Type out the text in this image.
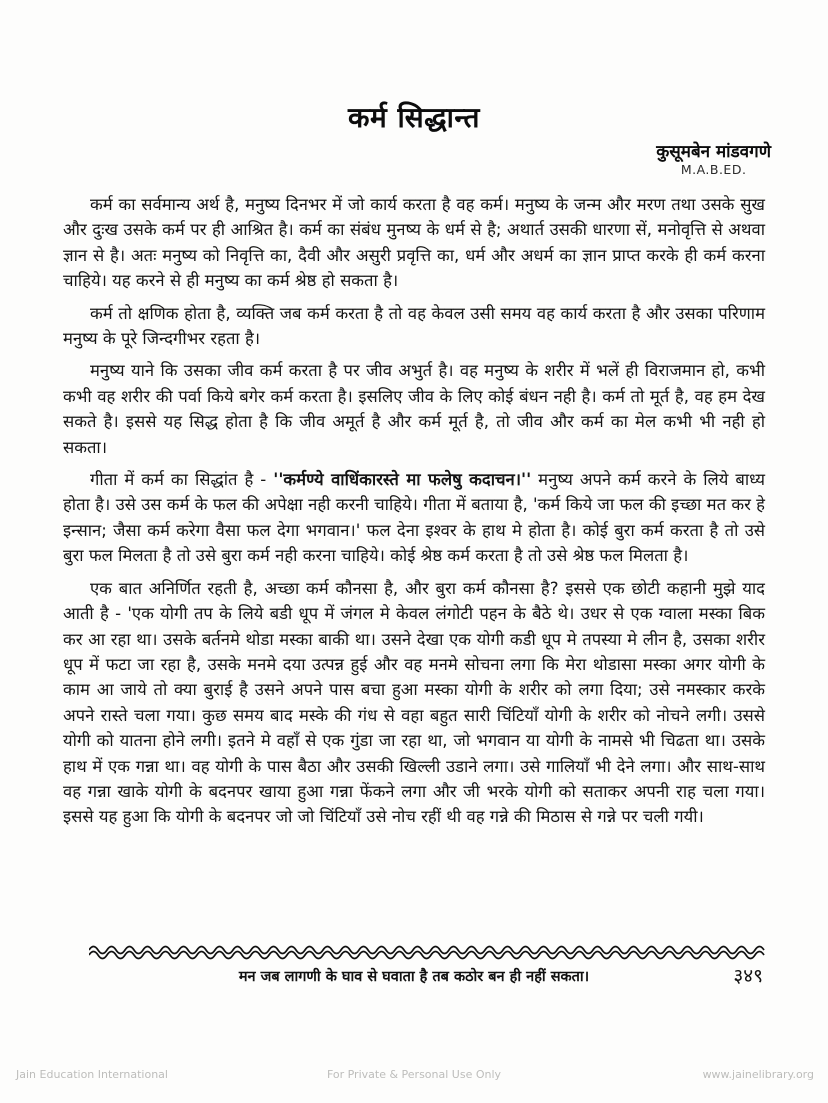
कर्म सिद्धान्त
कुसूमबेन मांडवगणे
M.A.B.ED.

कर्म का सर्वमान्य अर्थ है, मनुष्य दिनभर में जो कार्य करता है वह कर्म। मनुष्य के जन्म और मरण तथा उसके सुख और दुःख उसके कर्म पर ही आश्रित है। कर्म का संबंध मुनष्य के धर्म से है; अथार्त उसकी धारणा सें, मनोवृत्ति से अथवा ज्ञान से है। अतः मनुष्य को निवृत्ति का, दैवी और असुरी प्रवृत्ति का, धर्म और अधर्म का ज्ञान प्राप्त करके ही कर्म करना चाहिये। यह करने से ही मनुष्य का कर्म श्रेष्ठ हो सकता है।

कर्म तो क्षणिक होता है, व्यक्ति जब कर्म करता है तो वह केवल उसी समय वह कार्य करता है और उसका परिणाम मनुष्य के पूरे जिन्दगीभर रहता है।

मनुष्य याने कि उसका जीव कर्म करता है पर जीव अभुर्त है। वह मनुष्य के शरीर में भलें ही विराजमान हो, कभी कभी वह शरीर की पर्वा किये बगेर कर्म करता है। इसलिए जीव के लिए कोई बंधन नही है। कर्म तो मूर्त है, वह हम देख सकते है। इससे यह सिद्ध होता है कि जीव अमूर्त है और कर्म मूर्त है, तो जीव और कर्म का मेल कभी भी नही हो सकता।

गीता में कर्म का सिद्धांत है - ''कर्मण्ये वाधिंकारस्ते मा फलेषु कदाचन।'' मनुष्य अपने कर्म करने के लिये बाध्य होता है। उसे उस कर्म के फल की अपेक्षा नही करनी चाहिये। गीता में बताया है, 'कर्म किये जा फल की इच्छा मत कर हे इन्सान; जैसा कर्म करेगा वैसा फल देगा भगवान।' फल देना इश्वर के हाथ मे होता है। कोई बुरा कर्म करता है तो उसे बुरा फल मिलता है तो उसे बुरा कर्म नही करना चाहिये। कोई श्रेष्ठ कर्म करता है तो उसे श्रेष्ठ फल मिलता है।

एक बात अनिर्णित रहती है, अच्छा कर्म कौनसा है, और बुरा कर्म कौनसा है? इससे एक छोटी कहानी मुझे याद आती है - 'एक योगी तप के लिये बडी धूप में जंगल मे केवल लंगोटी पहन के बैठे थे। उधर से एक ग्वाला मस्का बिक कर आ रहा था। उसके बर्तनमे थोडा मस्का बाकी था। उसने देखा एक योगी कडी धूप मे तपस्या मे लीन है, उसका शरीर धूप में फटा जा रहा है, उसके मनमे दया उत्पन्न हुई और वह मनमे सोचना लगा कि मेरा थोडासा मस्का अगर योगी के काम आ जाये तो क्या बुराई है उसने अपने पास बचा हुआ मस्का योगी के शरीर को लगा दिया; उसे नमस्कार करके अपने रास्ते चला गया। कुछ समय बाद मस्के की गंध से वहा बहुत सारी चिंटियाँ योगी के शरीर को नोचने लगी। उससे योगी को यातना होने लगी। इतने मे वहाँ से एक गुंडा जा रहा था, जो भगवान या योगी के नामसे भी चिढता था। उसके हाथ में एक गन्ना था। वह योगी के पास बैठा और उसकी खिल्ली उडाने लगा। उसे गालियाँ भी देने लगा। और साथ-साथ वह गन्ना खाके योगी के बदनपर खाया हुआ गन्ना फेंकने लगा और जी भरके योगी को सताकर अपनी राह चला गया। इससे यह हुआ कि योगी के बदनपर जो जो चिंटियाँ उसे नोच रहीं थी वह गन्ने की मिठास से गन्ने पर चली गयी।

मन जब लागणी के घाव से घवाता है तब कठोर बन ही नहीं सकता।	३४९
Jain Education International	For Private & Personal Use Only	www.jainelibrary.org
